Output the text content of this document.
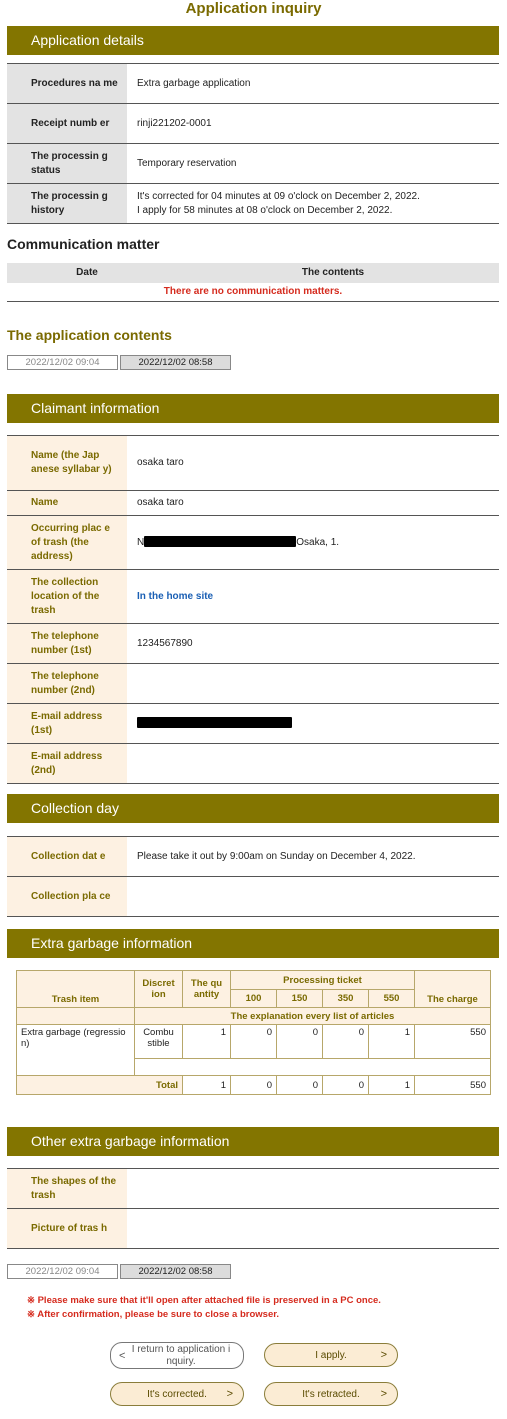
Application inquiry
Application details
Procedures na me	Extra garbage application
Receipt numb er	rinji221202-0001
The processin g status	Temporary reservation
The processin g history	It's corrected for 04 minutes at 09 o'clock on December 2, 2022.
I apply for 58 minutes at 08 o'clock on December 2, 2022.
Communication matter
Date	The contents
There are no communication matters.
The application contents
2022/12/02 09:04	2022/12/02 08:58
Claimant information
Name (the Jap anese syllabar y)	osaka taro
Name	osaka taro
Occurring plac e of trash (the address)	N Osaka, 1.
The collection location of the trash	In the home site
The telephone number (1st)	1234567890
The telephone number (2nd)	
E-mail address (1st)	
E-mail address (2nd)	
Collection day
Collection dat e	Please take it out by 9:00am on Sunday on December 4, 2022.
Collection pla ce	
Extra garbage information
Trash item	Discret ion	The qu antity	Processing ticket				The charge
			100	150	350	550	
	The explanation every list of articles						
Extra garbage (regressio n)	Combu stible	1	0	0	0	1	550

Total		1	0	0	0	1	550
Other extra garbage information
The shapes of the trash	
Picture of tras h	
2022/12/02 09:04	2022/12/02 08:58
※ Please make sure that it'll open after attached file is preserved in a PC once.
※ After confirmation, please be sure to close a browser.
<
I return to application i nquiry.
I apply.	>
It's corrected. >	It's retracted. >
